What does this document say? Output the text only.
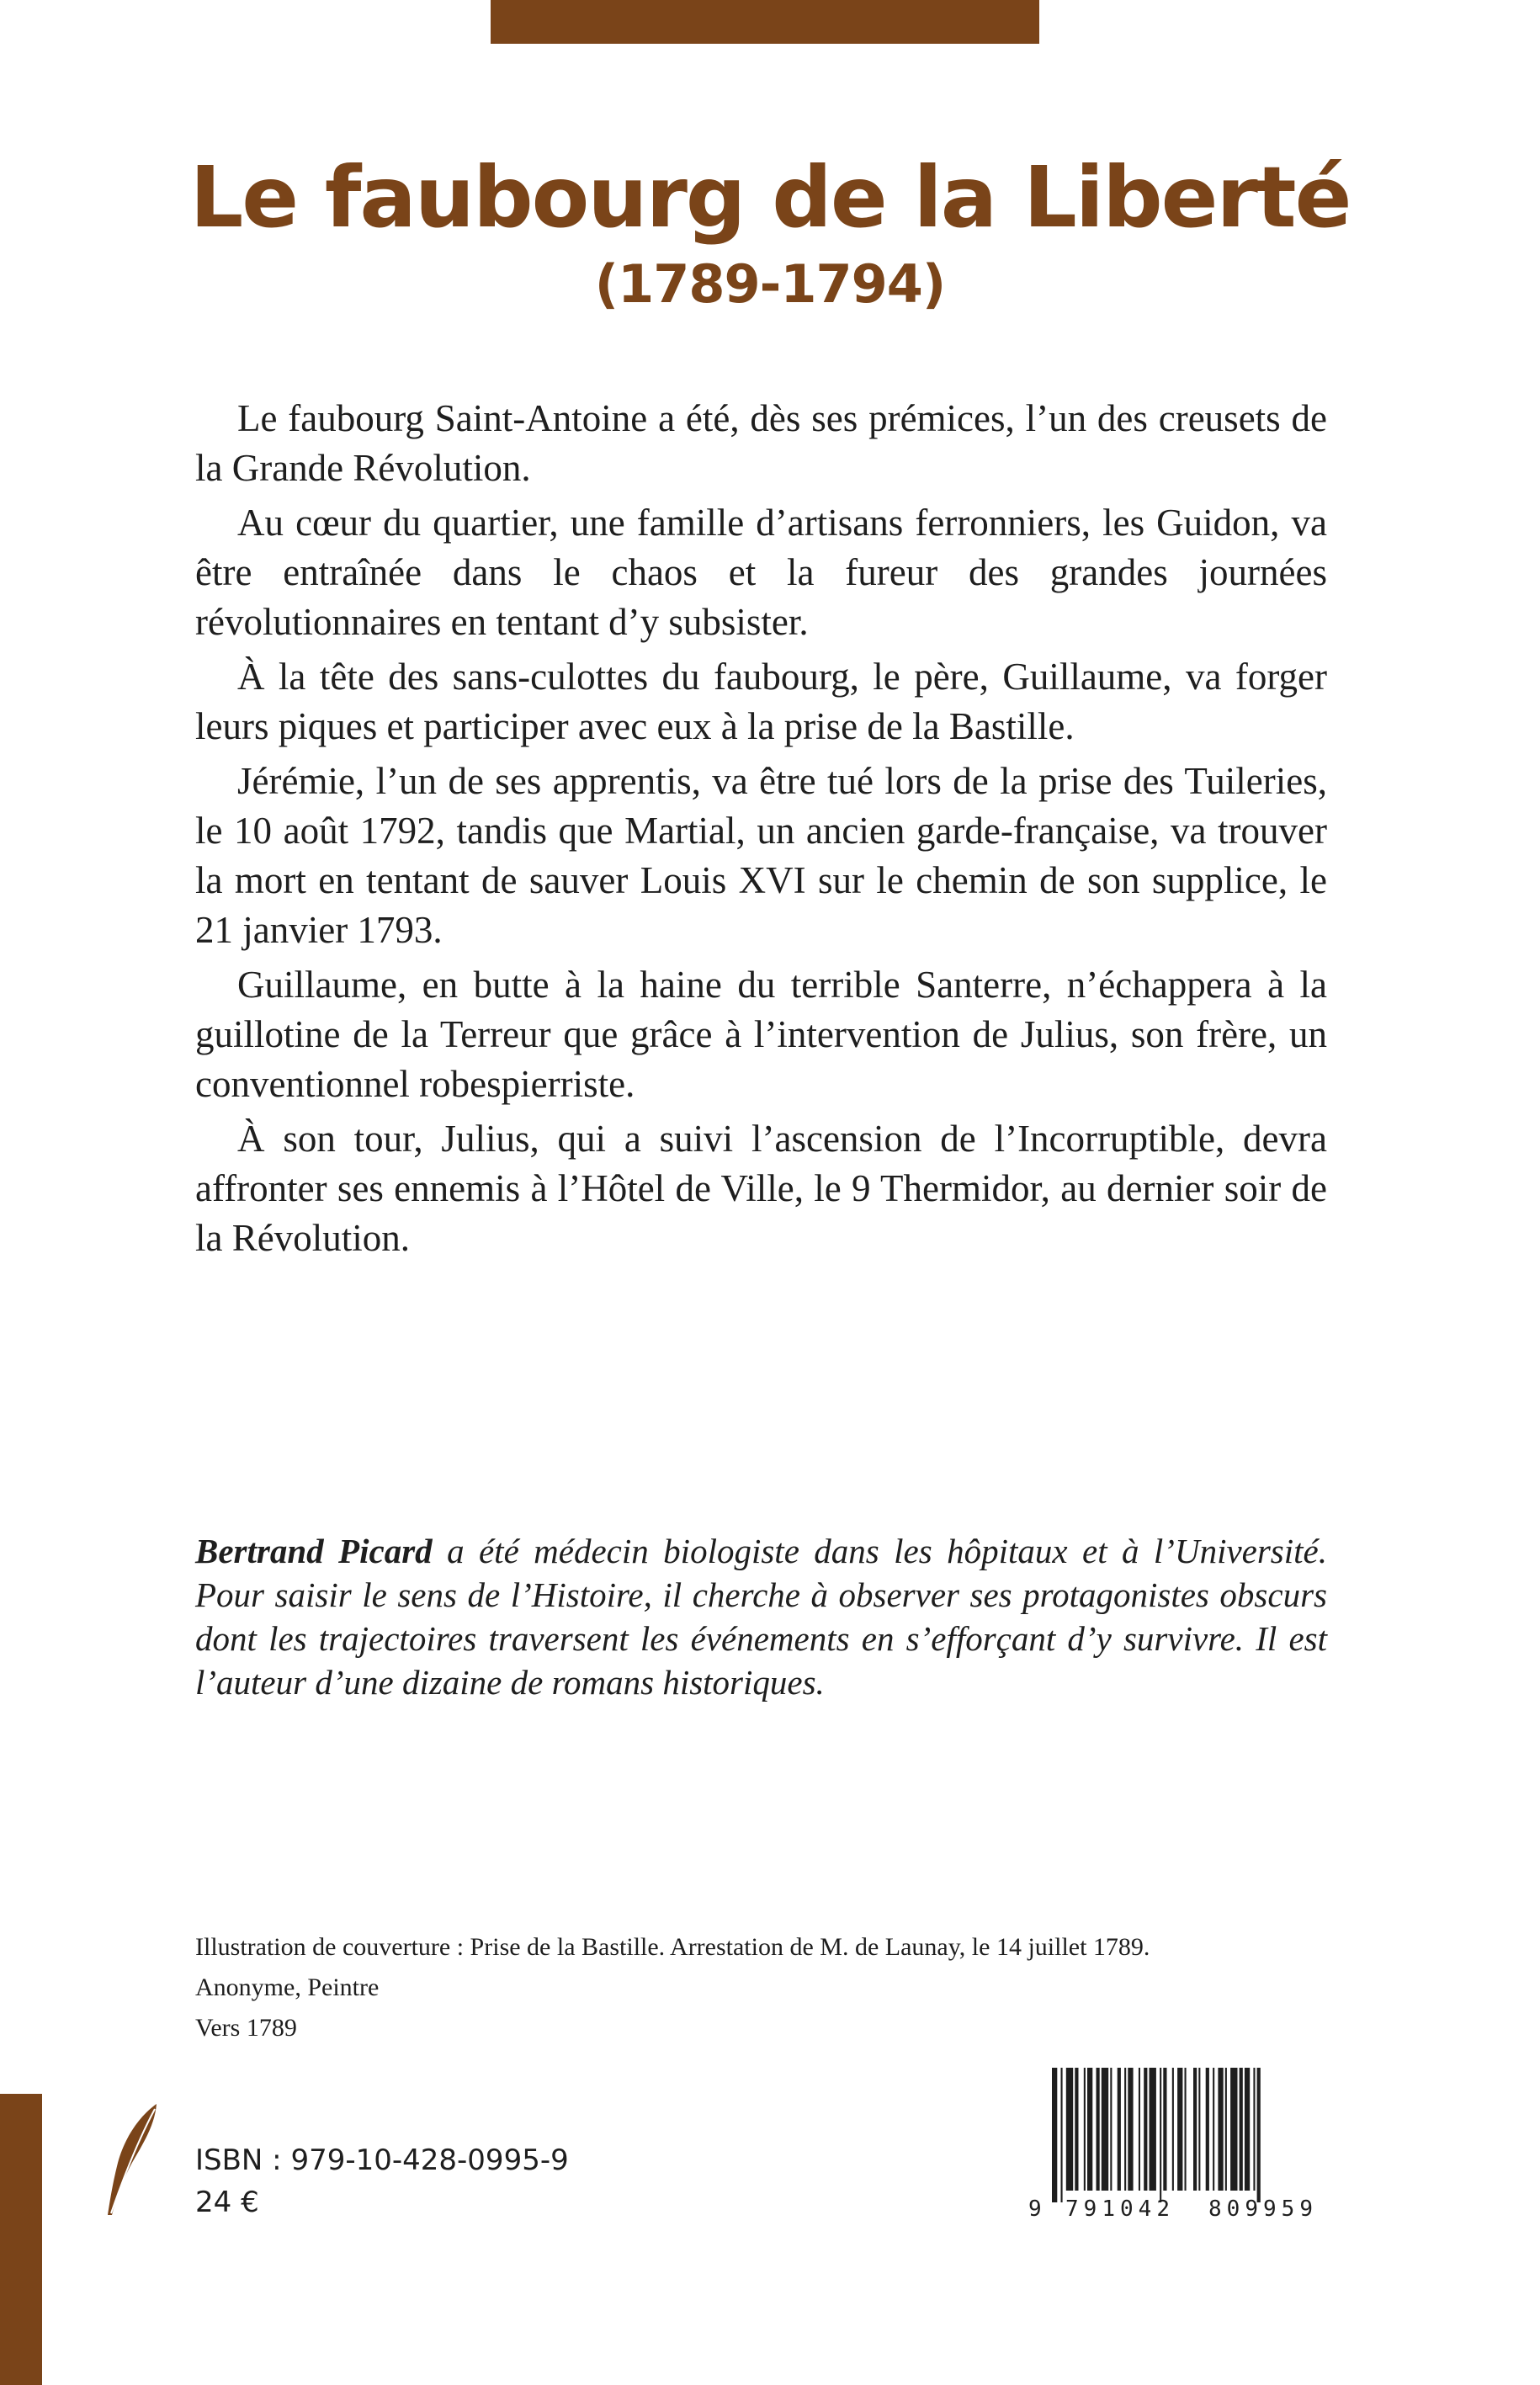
Le faubourg de la Liberté
(1789-1794)

Le faubourg Saint-Antoine a été, dès ses prémices, l’un des creusets de la Grande Révolution.

Au cœur du quartier, une famille d’artisans ferronniers, les Guidon, va être entraînée dans le chaos et la fureur des grandes journées révolutionnaires en tentant d’y subsister.

À la tête des sans-culottes du faubourg, le père, Guillaume, va forger leurs piques et participer avec eux à la prise de la Bastille.

Jérémie, l’un de ses apprentis, va être tué lors de la prise des Tuileries, le 10 août 1792, tandis que Martial, un ancien garde-française, va trouver la mort en tentant de sauver Louis XVI sur le chemin de son supplice, le 21 janvier 1793.

Guillaume, en butte à la haine du terrible Santerre, n’échappera à la guillotine de la Terreur que grâce à l’intervention de Julius, son frère, un conventionnel robespierriste.

À son tour, Julius, qui a suivi l’ascension de l’Incorruptible, devra affronter ses ennemis à l’Hôtel de Ville, le 9 Thermidor, au dernier soir de la Révolution.

Bertrand Picard a été médecin biologiste dans les hôpitaux et à l’Université. Pour saisir le sens de l’Histoire, il cherche à observer ses protagonistes obscurs dont les trajectoires traversent les événements en s’efforçant d’y survivre. Il est l’auteur d’une dizaine de romans historiques.

Illustration de couverture : Prise de la Bastille. Arrestation de M. de Launay, le 14 juillet 1789.
Anonyme, Peintre
Vers 1789
ISBN : 979-10-428-0995-9
24 €	9 791042 809959
